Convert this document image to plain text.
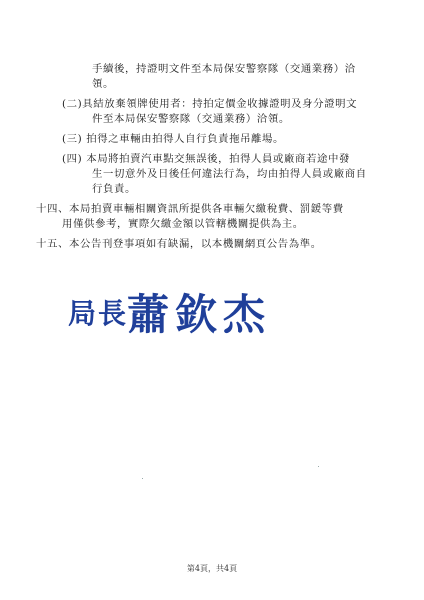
手續後，持證明文件至本局保安警察隊（交通業務）洽
領。
(二)具結放棄領牌使用者：持拍定價金收據證明及身分證明文
件至本局保安警察隊（交通業務）洽領。
(三) 拍得之車輛由拍得人自行負責拖吊離場。
(四) 本局將拍賣汽車點交無誤後，拍得人員或廠商若途中發
生一切意外及日後任何違法行為，均由拍得人員或廠商自
行負責。
十四、本局拍賣車輛相關資訊所提供各車輛欠繳稅費、罰鍰等費
用僅供參考，實際欠繳金額以管轄機關提供為主。
十五、本公告刊登事項如有缺漏，以本機關網頁公告為準。
局長
蕭欽杰
第4頁，共4頁
